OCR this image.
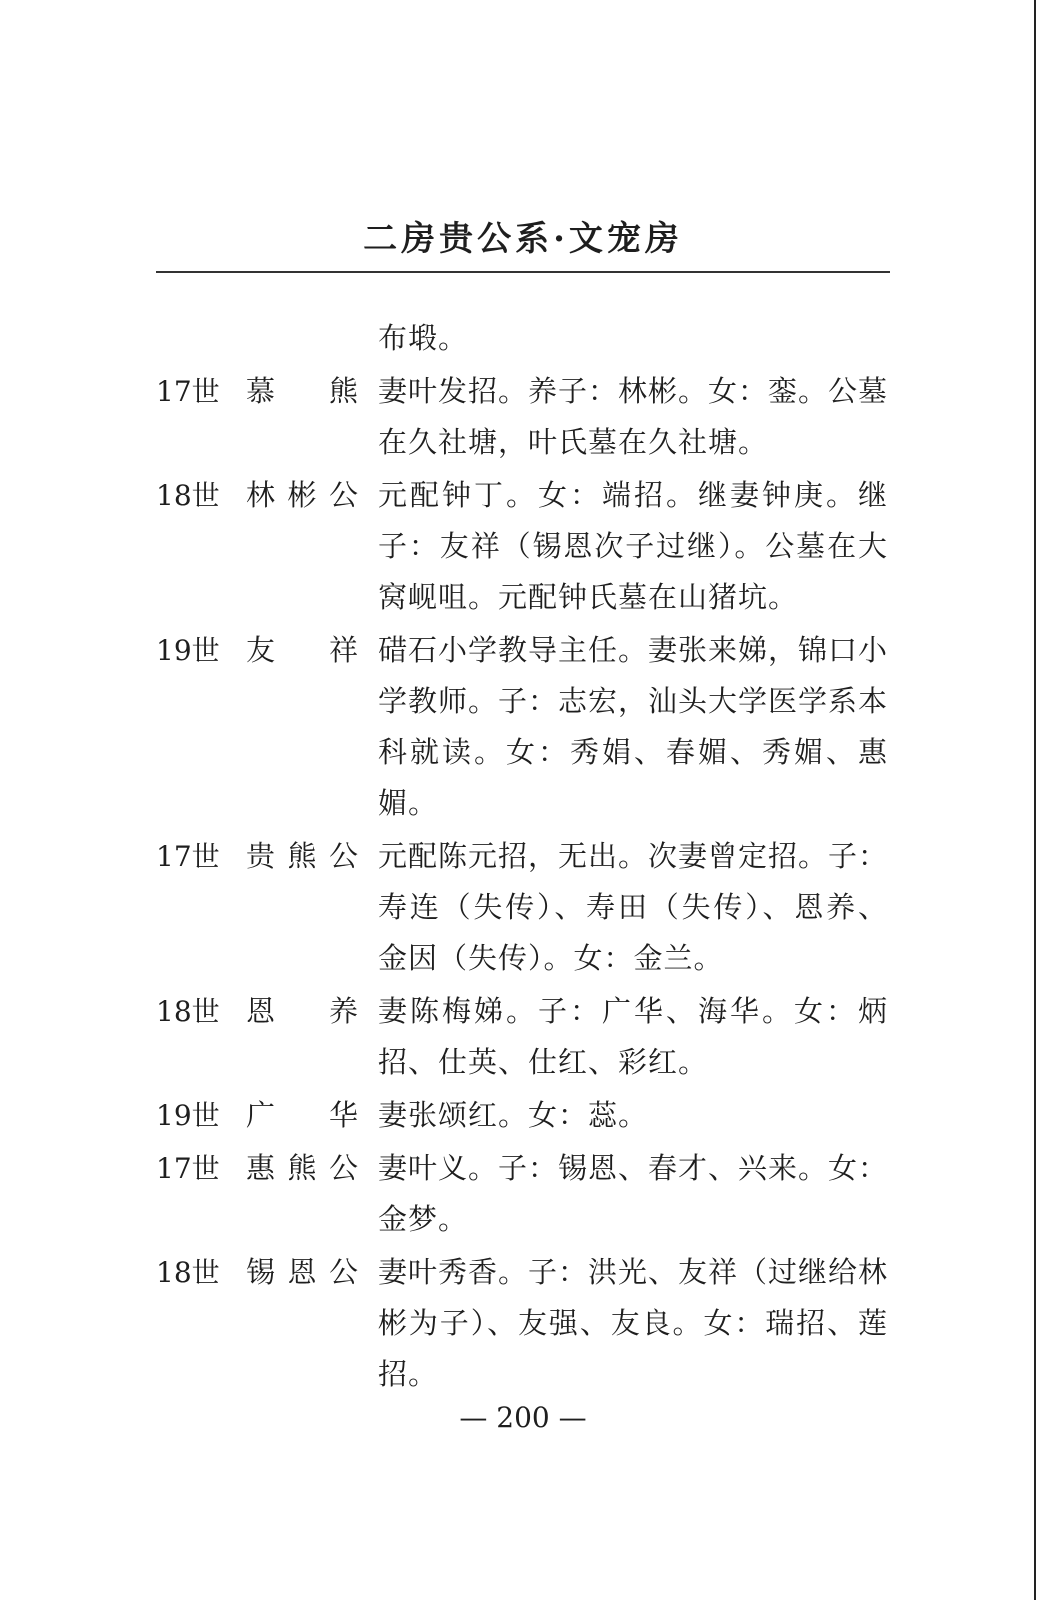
二房贵公系·文宠房
布塅。
17世 慕熊 妻叶发招。养子：林彬。女：銮。公墓在久社塘，叶氏墓在久社塘。
18世 林彬公 元配钟丁。女：端招。继妻钟庚。继子：友祥（锡恩次子过继）。公墓在大窝岘咀。元配钟氏墓在山猪坑。
19世 友祥 碏石小学教导主任。妻张来娣，锦口小学教师。子：志宏，汕头大学医学系本科就读。女：秀娟、春媚、秀媚、惠媚。
17世 贵熊公 元配陈元招，无出。次妻曾定招。子：寿连（失传）、寿田（失传）、恩养、金因（失传）。女：金兰。
18世 恩养 妻陈梅娣。子：广华、海华。女：炳招、仕英、仕红、彩红。
19世 广华 妻张颂红。女：蕊。
17世 惠熊公 妻叶义。子：锡恩、春才、兴来。女：金梦。
18世 锡恩公 妻叶秀香。子：洪光、友祥（过继给林彬为子）、友强、友良。女：瑞招、莲招。
— 200 —
